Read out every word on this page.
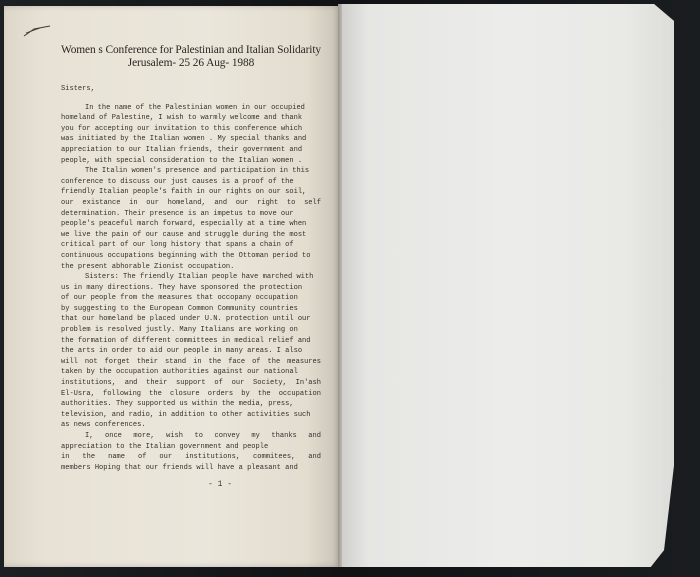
Women s Conference for Palestinian and Italian Solidarity
Jerusalem- 25 26 Aug- 1988
Sisters,
In the name of the Palestinian women in our occupied
homeland of Palestine, I wish to warmly welcome and thank
you for accepting our invitation to this conference which
was initiated by the Italian women . My special thanks and
appreciation to our Italian friends, their government and
people, with special consideration to the Italian women .
The Italin women's presence and participation in this
conference to discuss our just causes is a proof of the
friendly Italian people's faith in our rights on our soil,
our existance in our homeland, and our right to self
determination. Their presence is an impetus to move our
people's peaceful march forward, especially at a time when
we live the pain of our cause and struggle during the most
critical part of our long history that spans a chain of
continuous occupations beginning with the Ottoman period to
the present abhorable Zionist occupation.
Sisters: The friendly Italian people have marched with
us in many directions. They have sponsored the protection
of our people from the measures that occopany occupation
by suggesting to the European Common Community countries
that our homeland be placed under U.N. protection until our
problem is resolved justly. Many Italians are working on
the formation of different committees in medical relief and
the arts in order to aid our people in many areas. I also
will not forget their stand in the face of the measures
taken by the occupation authorities against our national
institutions, and their support of our Society, In'ash
El-Usra, following the closure orders by the occupation
authorities. They supported us within the media, press,
television, and radio, in addition to other activities such
as news conferences.
I, once more, wish to convey my thanks and
appreciation to the Italian government and people
in the name of our institutions, commitees, and
members Hoping that our friends will have a pleasant and
- 1 -
